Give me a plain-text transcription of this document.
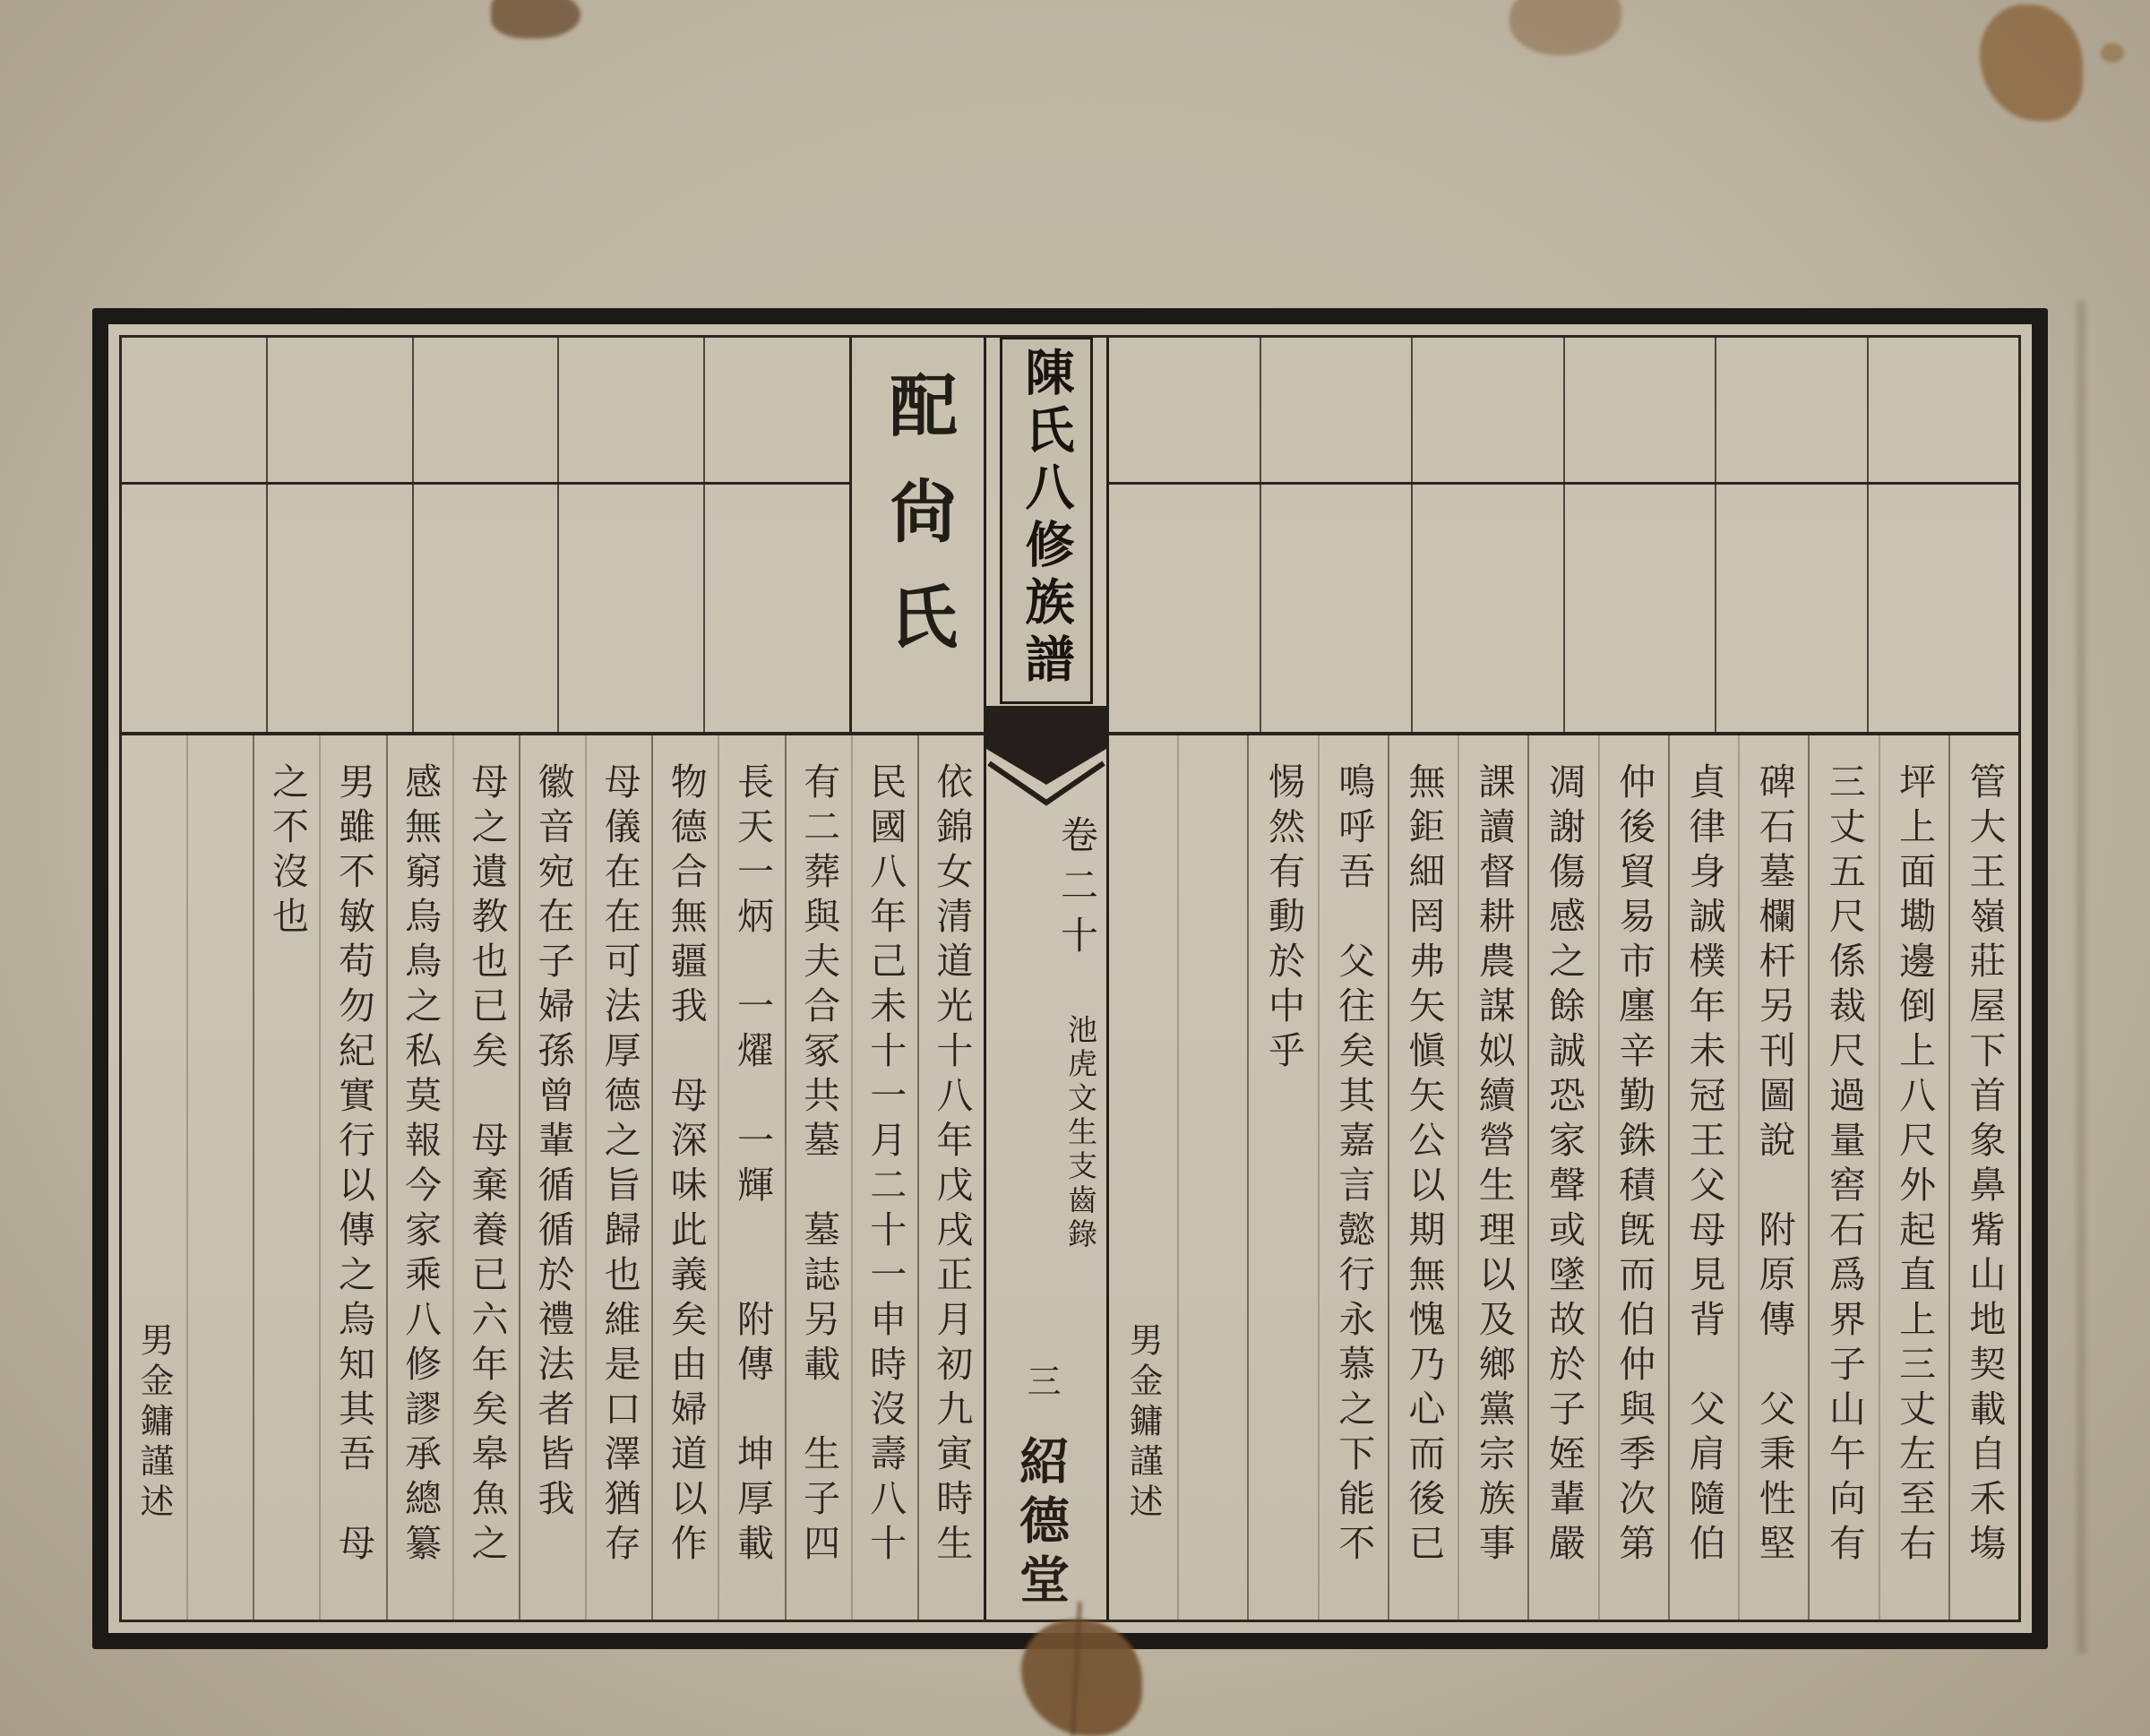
配尙氏
依錦女清道光十八年戊戌正月初九寅時生
民國八年己未十一月二十一申時沒壽八十
有二葬與夫合冢共墓　墓誌另載　生子四
長天一炳　一燿　一輝　　附傳　坤厚載
物德合無疆我　母深味此義矣由婦道以作
母儀在在可法厚德之旨歸也維是口澤猶存
徽音宛在子婦孫曾輩循循於禮法者皆我
母之遺教也已矣　母棄養已六年矣皋魚之
感無窮烏鳥之私莫報今家乘八修謬承總纂
男雖不敏苟勿紀實行以傳之烏知其吾　母
之不沒也
男金鏞謹述
陳氏八修族譜
卷二十
池虎文生支齒錄
三
紹德堂	管大王嶺莊屋下首象鼻觜山地契載自禾塲
坪上面墈邊倒上八尺外起直上三丈左至右
三丈五尺係裁尺過量窖石爲界子山午向有
碑石墓欄杆另刊圖說　附原傳　父秉性堅
貞律身誠樸年未冠王父母見背　父肩隨伯
仲後貿易市廛辛勤銖積旣而伯仲與季次第
凋謝傷感之餘誠恐家聲或墜故於子姪輩嚴
課讀督耕農謀姒續營生理以及鄉黨宗族事
無鉅細罔弗矢愼矢公以期無愧乃心而後已
鳴呼吾　父往矣其嘉言懿行永慕之下能不
惕然有動於中乎
男金鏞謹述
